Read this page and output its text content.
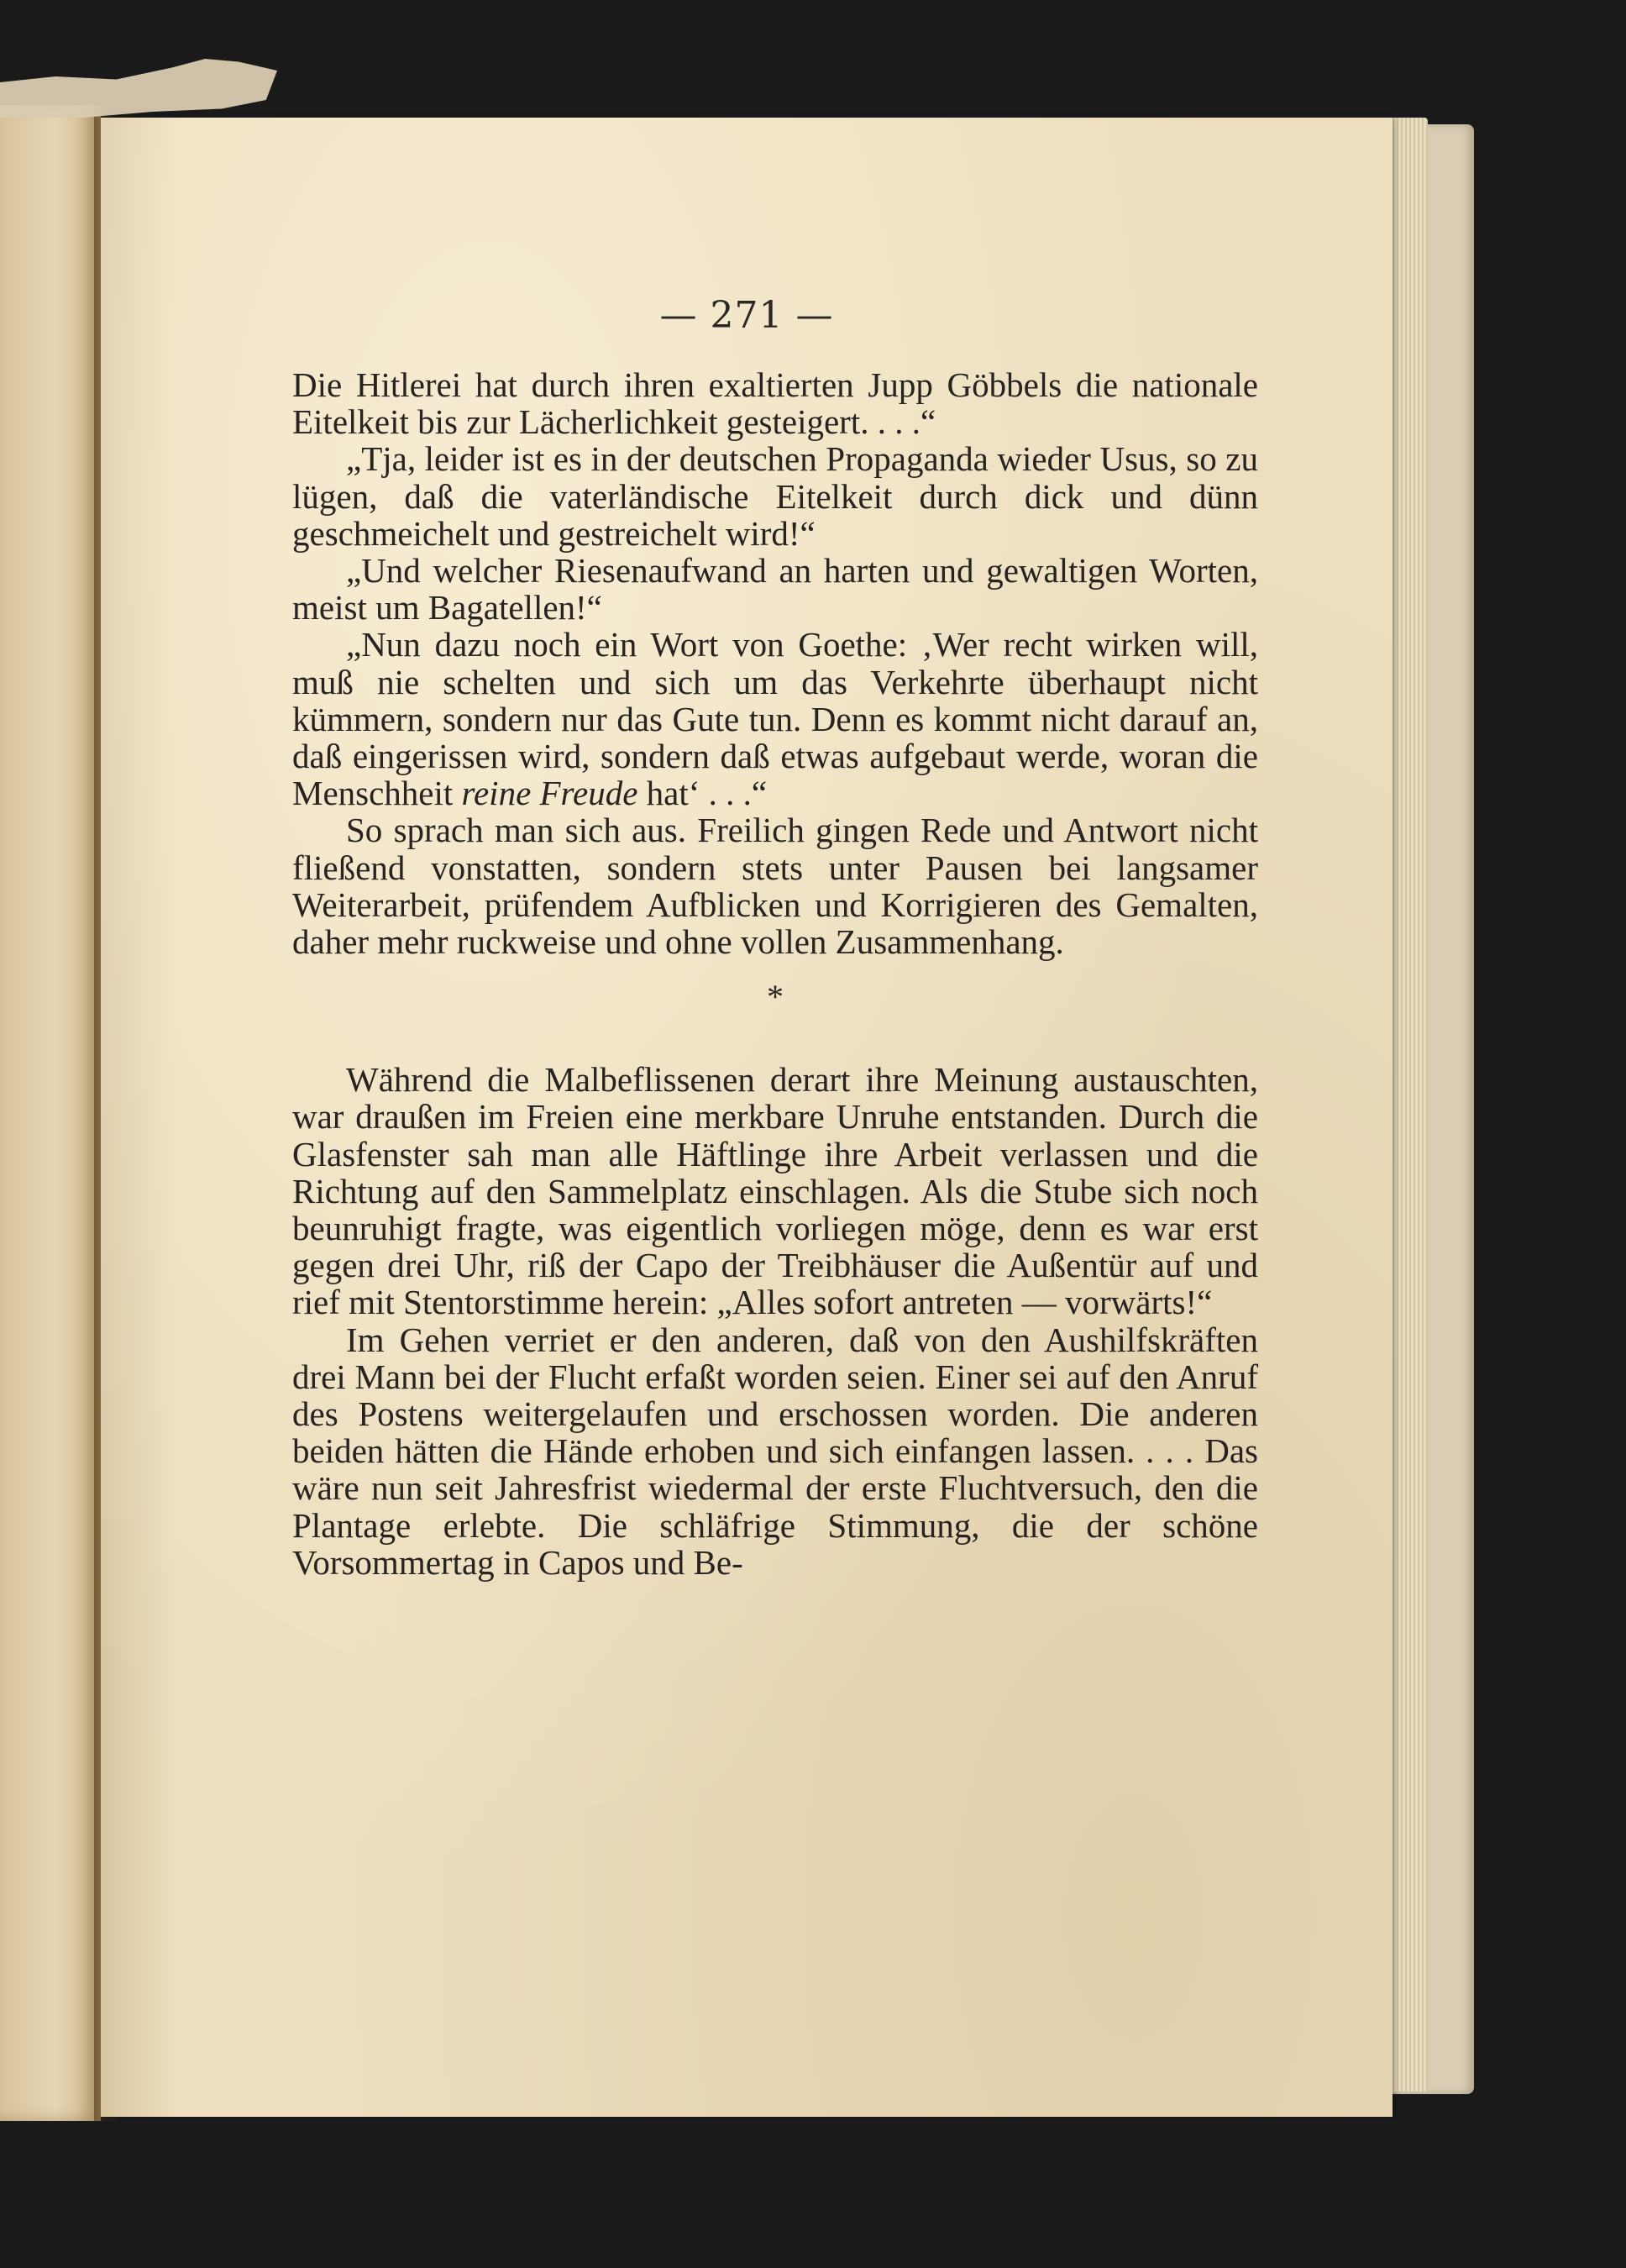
— 271 —

Die Hitlerei hat durch ihren exaltierten Jupp Göbbels die nationale Eitelkeit bis zur Lächerlichkeit gesteigert. . . .“

„Tja, leider ist es in der deutschen Propaganda wieder Usus, so zu lügen, daß die vaterländische Eitelkeit durch dick und dünn geschmeichelt und gestreichelt wird!“

„Und welcher Riesenaufwand an harten und gewaltigen Worten, meist um Bagatellen!“

„Nun dazu noch ein Wort von Goethe: ‚Wer recht wirken will, muß nie schelten und sich um das Verkehrte überhaupt nicht kümmern, sondern nur das Gute tun. Denn es kommt nicht darauf an, daß eingerissen wird, sondern daß etwas aufgebaut werde, woran die Menschheit reine Freude hat‘ . . .“

So sprach man sich aus. Freilich gingen Rede und Antwort nicht fließend vonstatten, sondern stets unter Pausen bei langsamer Weiterarbeit, prüfendem Aufblicken und Korrigieren des Gemalten, daher mehr ruckweise und ohne vollen Zusammenhang.

*

Während die Malbeflissenen derart ihre Meinung austauschten, war draußen im Freien eine merkbare Unruhe entstanden. Durch die Glasfenster sah man alle Häftlinge ihre Arbeit verlassen und die Richtung auf den Sammelplatz einschlagen. Als die Stube sich noch beunruhigt fragte, was eigentlich vorliegen möge, denn es war erst gegen drei Uhr, riß der Capo der Treibhäuser die Außentür auf und rief mit Stentorstimme herein: „Alles sofort antreten — vorwärts!“

Im Gehen verriet er den anderen, daß von den Aushilfskräften drei Mann bei der Flucht erfaßt worden seien. Einer sei auf den Anruf des Postens weitergelaufen und erschossen worden. Die anderen beiden hätten die Hände erhoben und sich einfangen lassen. . . . Das wäre nun seit Jahresfrist wiedermal der erste Fluchtversuch, den die Plantage erlebte. Die schläfrige Stimmung, die der schöne Vorsommertag in Capos und Be-
